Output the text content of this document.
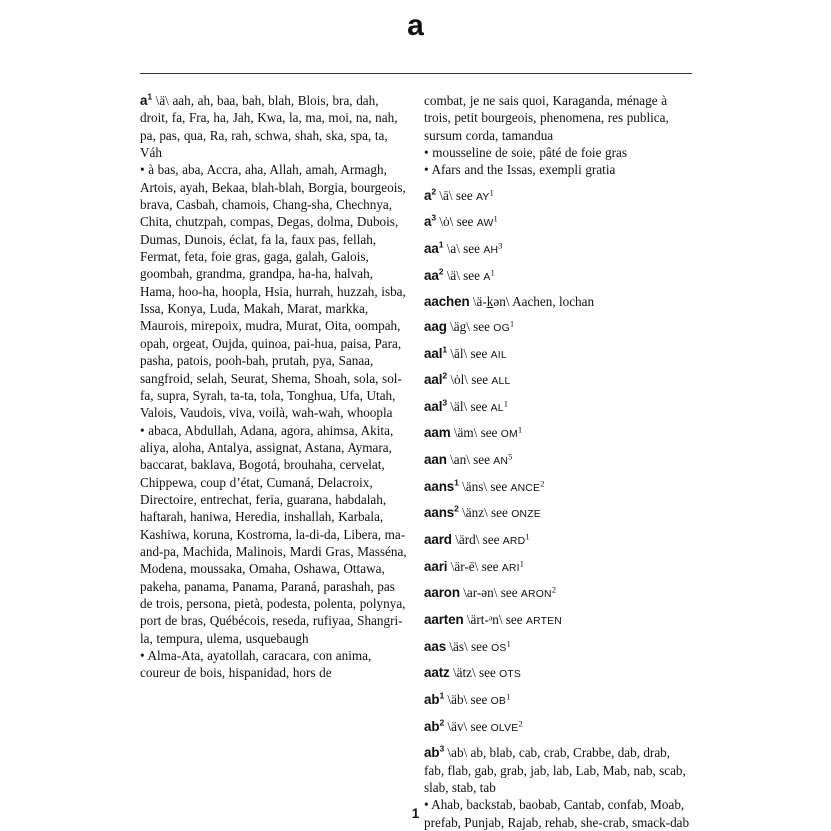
a

$a^1$ \ä\ aah, ah, baa, bah, blah, Blois, bra, dah, droit, fa, Fra, ha, Jah, Kwa, la, ma, moi, na, nah, pa, pas, qua, Ra, rah, schwa, shah, ska, spa, ta, Váh

• à bas, aba, Accra, aha, Allah, amah, Armagh, Artois, ayah, Bekaa, blah-blah, Borgia, bourgeois, brava, Casbah, chamois, Chang-sha, Chechnya, Chita, chutzpah, compas, Degas, dolma, Dubois, Dumas, Dunois, éclat, fa la, faux pas, fellah, Fermat, feta, foie gras, gaga, galah, Galois, goombah, grandma, grandpa, ha-ha, halvah, Hama, hoo-ha, hoopla, Hsia, hurrah, huzzah, isba, Issa, Konya, Luda, Makah, Marat, markka, Maurois, mirepoix, mudra, Murat, Oita, oompah, opah, orgeat, Oujda, quinoa, pai-hua, paisa, Para, pasha, patois, pooh-bah, prutah, pya, Sanaa, sangfroid, selah, Seurat, Shema, Shoah, sola, sol-fa, supra, Syrah, ta-ta, tola, Tonghua, Ufa, Utah, Valois, Vaudois, viva, voilà, wah-wah, whoopla

• abaca, Abdullah, Adana, agora, ahimsa, Akita, aliya, aloha, Antalya, assignat, Astana, Aymara, baccarat, baklava, Bogotá, brouhaha, cervelat, Chippewa, coup d’état, Cumaná, Delacroix, Directoire, entrechat, feria, guarana, habdalah, haftarah, haniwa, Heredia, inshallah, Karbala, Kashiwa, koruna, Kostroma, la-di-da, Libera, ma-and-pa, Machida, Malinois, Mardi Gras, Masséna, Modena, moussaka, Omaha, Oshawa, Ottawa, pakeha, panama, Panama, Paraná, parashah, pas de trois, persona, pietà, podesta, polenta, polynya, port de bras, Québécois, reseda, rufiyaa, Shangri-la, tempura, ulema, usquebaugh

• Alma-Ata, ayatollah, caracara, con anima, coureur de bois, hispanidad, hors de

combat, je ne sais quoi, Karaganda, ménage à trois, petit bourgeois, phenomena, res publica, sursum corda, tamandua

• mousseline de soie, pâté de foie gras

• Afars and the Issas, exempli gratia

$a^2$ \ā\ see $AY^1$

$a^3$ \ȯ\ see $AW^1$

$aa^1$ \a\ see $AH^3$

$aa^2$ \ä\ see $A^1$

aachen \ä-kən\ Aachen, lochan

aag \äg\ see $OG^1$

aal$^1$ \āl\ see AIL

aal$^2$ \ȯl\ see ALL

aal$^3$ \äl\ see $AL^1$

aam \äm\ see $OM^1$

aan \an\ see $AN^5$

aans$^1$ \äns\ see ANCE$^2$

aans$^2$ \änz\ see ONZE

aard \ärd\ see ARD$^1$

aari \är-ē\ see ARI$^1$

aaron \ar-ən\ see ARON$^2$

aarten \ärt-ᵊn\ see ARTEN

aas \äs\ see $OS^1$

aatz \ätz\ see OTS

$ab^1$ \äb\ see $OB^1$

$ab^2$ \äv\ see OLVE$^2$

$ab^3$ \ab\ ab, blab, cab, crab, Crabbe, dab, drab, fab, flab, gab, grab, jab, lab, Lab, Mab, nab, scab, slab, stab, tab

• Ahab, backstab, baobab, Cantab, confab, Moab, prefab, Punjab, Rajab, rehab, she-crab, smack-dab

1
